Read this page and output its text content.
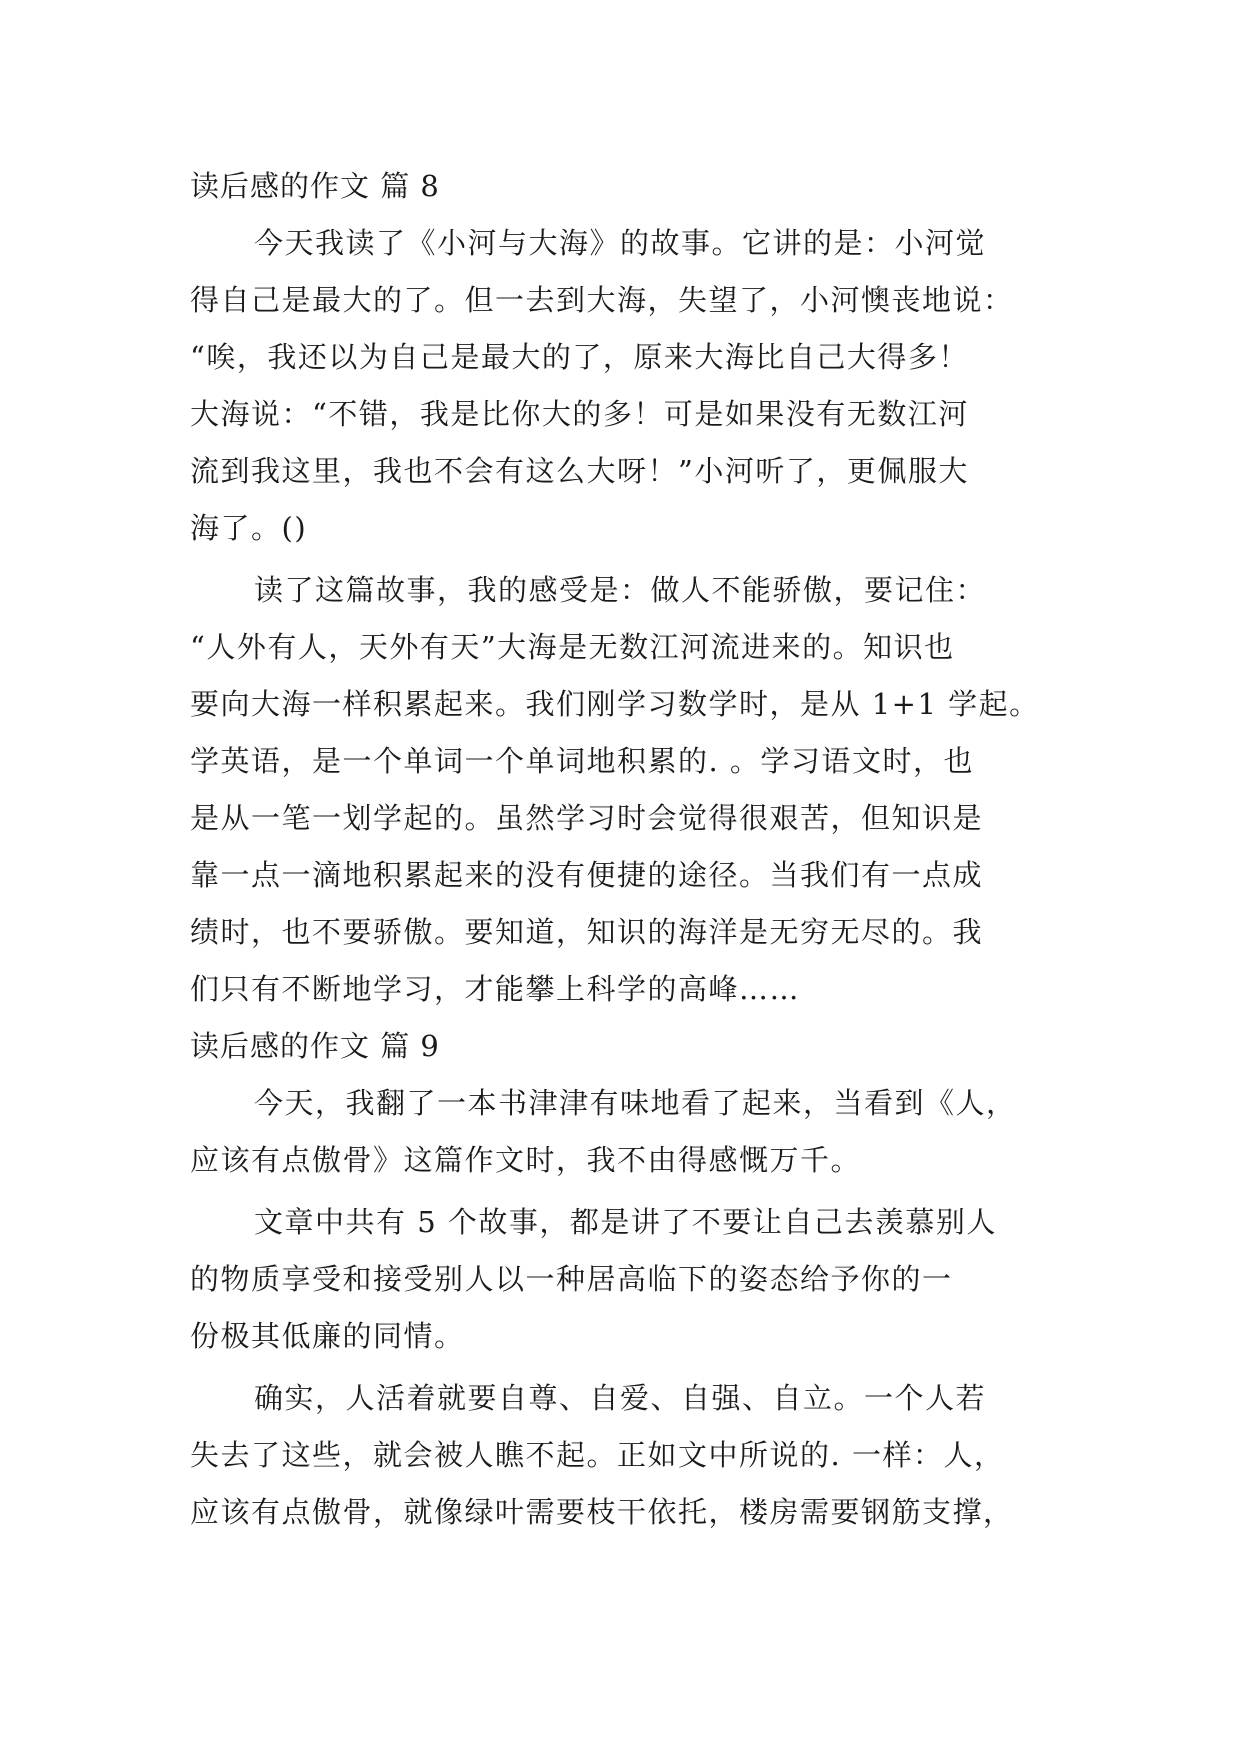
读后感的作文 篇 8
今天我读了《小河与大海》的故事。它讲的是：小河觉
得自己是最大的了。但一去到大海，失望了，小河懊丧地说：
“唉，我还以为自己是最大的了，原来大海比自己大得多！
大海说：“不错，我是比你大的多！可是如果没有无数江河
流到我这里，我也不会有这么大呀！”小河听了，更佩服大
海了。()
读了这篇故事，我的感受是：做人不能骄傲，要记住：
“人外有人，天外有天”大海是无数江河流进来的。知识也
要向大海一样积累起来。我们刚学习数学时，是从 1+1 学起。
学英语，是一个单词一个单词地积累的. 。学习语文时，也
是从一笔一划学起的。虽然学习时会觉得很艰苦，但知识是
靠一点一滴地积累起来的没有便捷的途径。当我们有一点成
绩时，也不要骄傲。要知道，知识的海洋是无穷无尽的。我
们只有不断地学习，才能攀上科学的高峰……
读后感的作文 篇 9
今天，我翻了一本书津津有味地看了起来，当看到《人，
应该有点傲骨》这篇作文时，我不由得感慨万千。
文章中共有 5 个故事，都是讲了不要让自己去羡慕别人
的物质享受和接受别人以一种居高临下的姿态给予你的一
份极其低廉的同情。
确实，人活着就要自尊、自爱、自强、自立。一个人若
失去了这些，就会被人瞧不起。正如文中所说的. 一样：人，
应该有点傲骨，就像绿叶需要枝干依托，楼房需要钢筋支撑，
